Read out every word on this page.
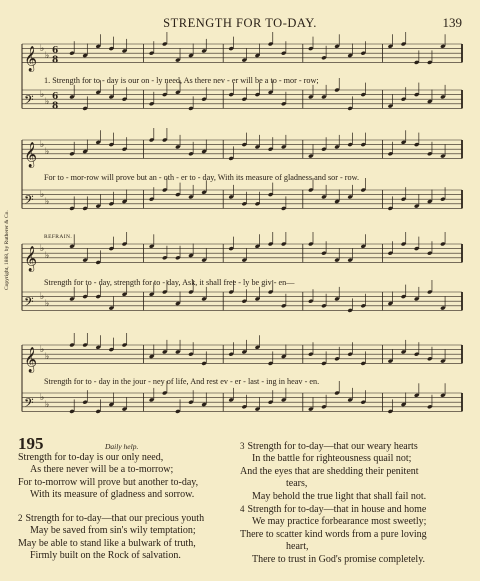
STRENGTH FOR TO-DAY.	139
𝄞 ♭
♭ 6
8
𝄢 ♭
♭ 6
8
𝄞 ♭
♭
𝄢 ♭
♭
𝄞 ♭
♭
𝄢 ♭
♭
𝄞 ♭
♭
𝄢 ♭
♭
1. Strength for to - day is our on - ly need, As there nev - er will be a to - mor - row;
For to - mor-row will prove but an - oth - er to - day, With its measure of gladness and sor - row.
REFRAIN.
Strength for to - day, strength for to - day, Ask, it shall free - ly be giv - en—
Strength for to - day in the jour - ney of life, And rest ev - er - last - ing in heav - en.
Copyright, 1888, by Rutherer & Co.
195	Daily help.
Strength for to-day is our only need,
As there never will be a to-morrow;
For to-morrow will prove but another to-day,
With its measure of gladness and sorrow.
2 Strength for to-day—that our precious youth
May be saved from sin's wily temptation;
May be able to stand like a bulwark of truth,
Firmly built on the Rock of salvation.
3 Strength for to-day—that our weary hearts
In the battle for righteousness quail not;
And the eyes that are shedding their penitent
tears,
May behold the true light that shall fail not.
4 Strength for to-day—that in house and home
We may practice forbearance most sweetly;
There to scatter kind words from a pure loving
heart,
There to trust in God's promise completely.
